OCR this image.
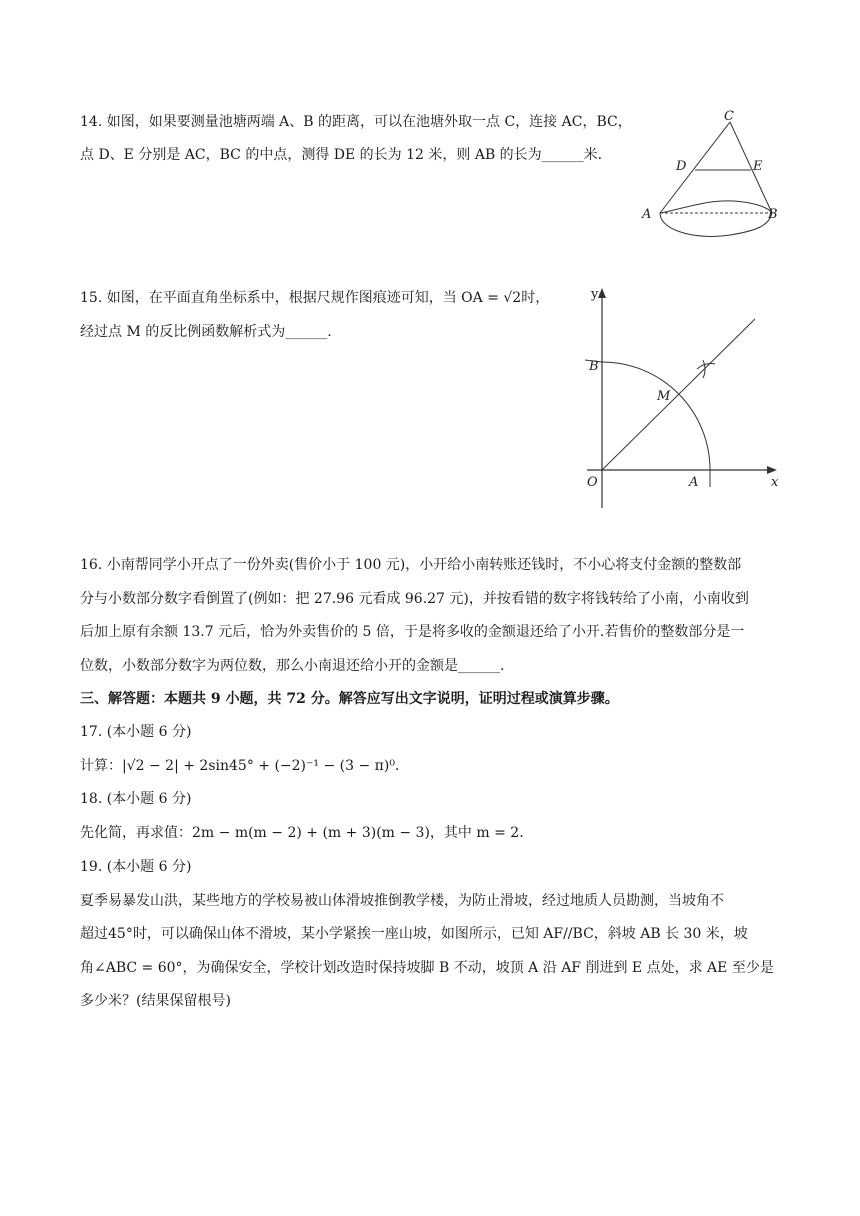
14. 如图，如果要测量池塘两端 A、B 的距离，可以在池塘外取一点 C，连接 AC，BC，
点 D、E 分别是 AC，BC 的中点，测得 DE 的长为 12 米，则 AB 的长为______米.
C
D	E
A	B
15. 如图，在平面直角坐标系中，根据尺规作图痕迹可知，当 OA = √2时，
经过点 M 的反比例函数解析式为______.
y
x
O	A
B
M
16. 小南帮同学小开点了一份外卖(售价小于 100 元)，小开给小南转账还钱时，不小心将支付金额的整数部
分与小数部分数字看倒置了(例如：把 27.96 元看成 96.27 元)，并按看错的数字将钱转给了小南，小南收到
后加上原有余额 13.7 元后，恰为外卖售价的 5 倍，于是将多收的金额退还给了小开.若售价的整数部分是一
位数，小数部分数字为两位数，那么小南退还给小开的金额是______.
三、解答题：本题共 9 小题，共 72 分。解答应写出文字说明，证明过程或演算步骤。
17. (本小题 6 分)
计算：|√2 − 2| + 2sin45° + (−2)⁻¹ − (3 − π)⁰.
18. (本小题 6 分)
先化简，再求值：2m − m(m − 2) + (m + 3)(m − 3)，其中 m = 2.
19. (本小题 6 分)
夏季易暴发山洪，某些地方的学校易被山体滑坡推倒教学楼，为防止滑坡，经过地质人员勘测，当坡角不
超过45°时，可以确保山体不滑坡，某小学紧挨一座山坡，如图所示，已知 AF//BC，斜坡 AB 长 30 米，坡
角∠ABC = 60°，为确保安全，学校计划改造时保持坡脚 B 不动，坡顶 A 沿 AF 削进到 E 点处，求 AE 至少是
多少米？(结果保留根号)
